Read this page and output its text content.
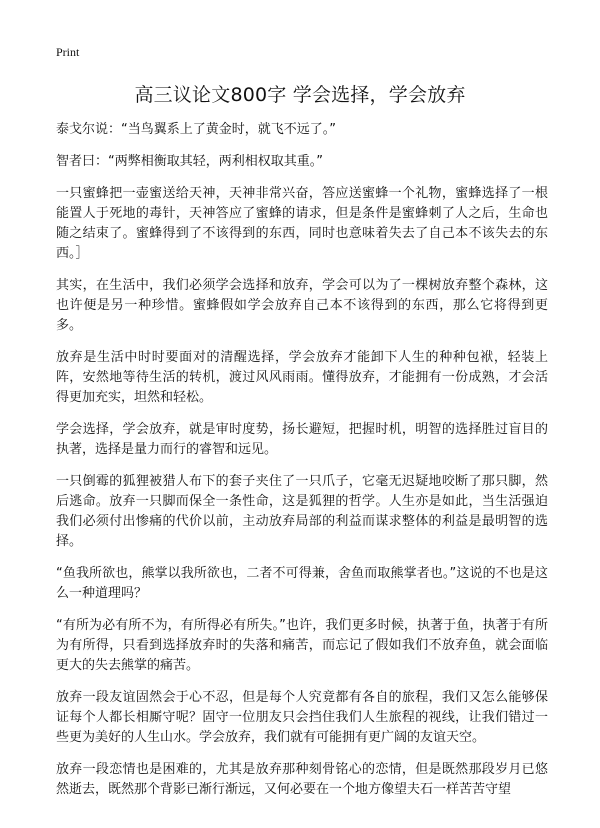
Print
高三议论文800字 学会选择，学会放弃

泰戈尔说：“当鸟翼系上了黄金时，就飞不远了。”

智者曰：“两弊相衡取其轻，两利相权取其重。”

一只蜜蜂把一壶蜜送给天神，天神非常兴奋，答应送蜜蜂一个礼物，蜜蜂选择了一根能置人于死地的毒针，天神答应了蜜蜂的请求，但是条件是蜜蜂刺了人之后，生命也随之结束了。蜜蜂得到了不该得到的东西，同时也意味着失去了自己本不该失去的东西。］

其实，在生活中，我们必须学会选择和放弃，学会可以为了一棵树放弃整个森林，这也许便是另一种珍惜。蜜蜂假如学会放弃自己本不该得到的东西，那么它将得到更多。

放弃是生活中时时要面对的清醒选择，学会放弃才能卸下人生的种种包袱，轻装上阵，安然地等待生活的转机，渡过风风雨雨。懂得放弃，才能拥有一份成熟，才会活得更加充实，坦然和轻松。

学会选择，学会放弃，就是审时度势，扬长避短，把握时机，明智的选择胜过盲目的执著，选择是量力而行的睿智和远见。

一只倒霉的狐狸被猎人布下的套子夹住了一只爪子，它毫无迟疑地咬断了那只脚，然后逃命。放弃一只脚而保全一条性命，这是狐狸的哲学。人生亦是如此，当生活强迫我们必须付出惨痛的代价以前，主动放弃局部的利益而谋求整体的利益是最明智的选择。

“鱼我所欲也，熊掌以我所欲也，二者不可得兼，舍鱼而取熊掌者也。”这说的不也是这么一种道理吗？

“有所为必有所不为，有所得必有所失。”也许，我们更多时候，执著于鱼，执著于有所为有所得，只看到选择放弃时的失落和痛苦，而忘记了假如我们不放弃鱼，就会面临更大的失去熊掌的痛苦。

放弃一段友谊固然会于心不忍，但是每个人究竟都有各自的旅程，我们又怎么能够保证每个人都长相厮守呢？固守一位朋友只会挡住我们人生旅程的视线，让我们错过一些更为美好的人生山水。学会放弃，我们就有可能拥有更广阔的友谊天空。

放弃一段恋情也是困难的，尤其是放弃那种刻骨铭心的恋情，但是既然那段岁月已悠然逝去，既然那个背影已渐行渐远，又何必要在一个地方像望夫石一样苦苦守望
